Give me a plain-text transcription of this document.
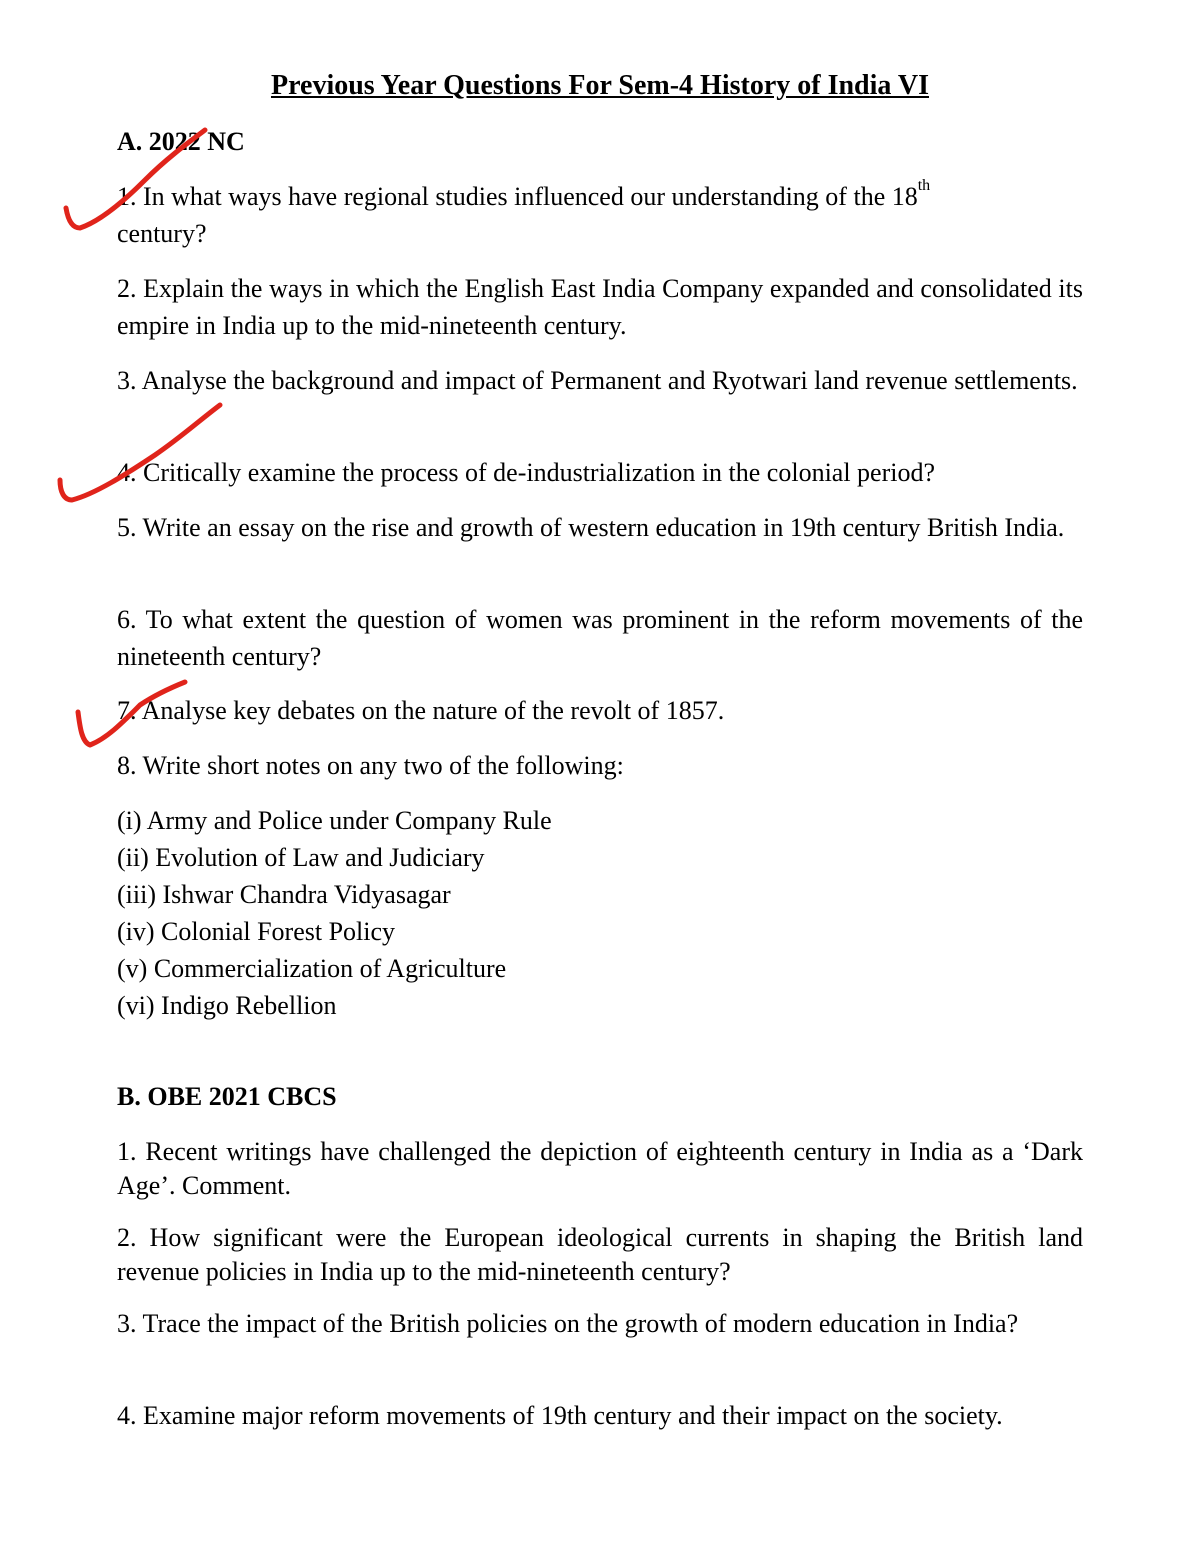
Previous Year Questions For Sem-4 History of India VI
A. 2022 NC
1. In what ways have regional studies influenced our understanding of the 18th
century?
2. Explain the ways in which the English East India Company expanded and consolidated its empire in India up to the mid-nineteenth century.
3. Analyse the background and impact of Permanent and Ryotwari land revenue settlements.
4. Critically examine the process of de-industrialization in the colonial period?
5. Write an essay on the rise and growth of western education in 19th century British India.
6. To what extent the question of women was prominent in the reform movements of the nineteenth century?
7. Analyse key debates on the nature of the revolt of 1857.
8. Write short notes on any two of the following:
(i) Army and Police under Company Rule
(ii) Evolution of Law and Judiciary
(iii) Ishwar Chandra Vidyasagar
(iv) Colonial Forest Policy
(v) Commercialization of Agriculture
(vi) Indigo Rebellion
B. OBE 2021 CBCS
1. Recent writings have challenged the depiction of eighteenth century in India as a ‘Dark Age’. Comment.
2. How significant were the European ideological currents in shaping the British land revenue policies in India up to the mid-nineteenth century?
3. Trace the impact of the British policies on the growth of modern education in India?
4. Examine major reform movements of 19th century and their impact on the society.
